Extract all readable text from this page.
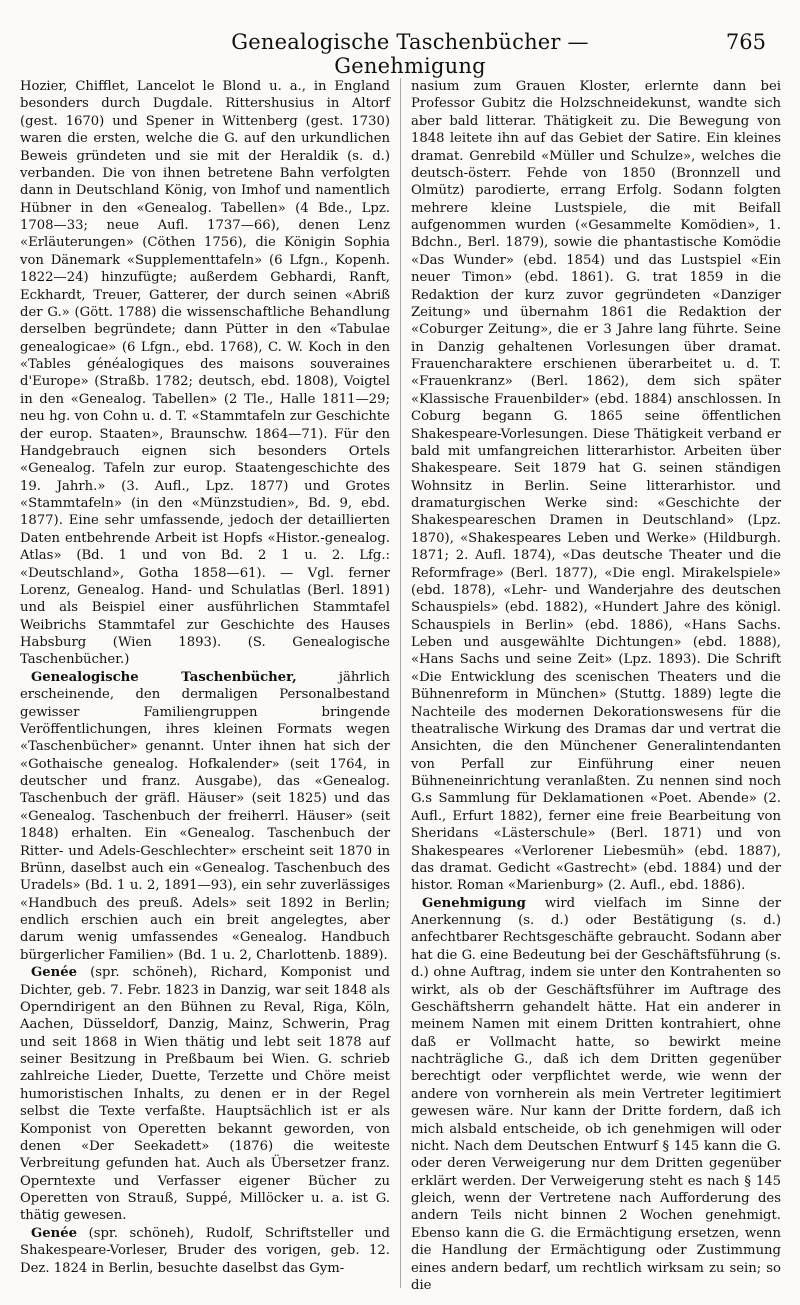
Genealogische Taschenbücher — Genehmigung
765

Hozier, Chifflet, Lancelot le Blond u. a., in England besonders durch Dugdale. Rittershusius in Altorf (gest. 1670) und Spener in Wittenberg (gest. 1730) waren die ersten, welche die G. auf den urkundlichen Beweis gründeten und sie mit der Heraldik (s. d.) verbanden. Die von ihnen betretene Bahn verfolgten dann in Deutschland König, von Imhof und namentlich Hübner in den «Genealog. Tabellen» (4 Bde., Lpz. 1708—33; neue Aufl. 1737—66), denen Lenz «Erläuterungen» (Cöthen 1756), die Königin Sophia von Dänemark «Supplementtafeln» (6 Lfgn., Kopenh. 1822—24) hinzufügte; außerdem Gebhardi, Ranft, Eckhardt, Treuer, Gatterer, der durch seinen «Abriß der G.» (Gött. 1788) die wissenschaftliche Behandlung derselben begründete; dann Pütter in den «Tabulae genealogicae» (6 Lfgn., ebd. 1768), C. W. Koch in den «Tables généalogiques des maisons souveraines d'Europe» (Straßb. 1782; deutsch, ebd. 1808), Voigtel in den «Genealog. Tabellen» (2 Tle., Halle 1811—29; neu hg. von Cohn u. d. T. «Stammtafeln zur Geschichte der europ. Staaten», Braunschw. 1864—71). Für den Handgebrauch eignen sich besonders Ortels «Genealog. Tafeln zur europ. Staatengeschichte des 19. Jahrh.» (3. Aufl., Lpz. 1877) und Grotes «Stammtafeln» (in den «Münzstudien», Bd. 9, ebd. 1877). Eine sehr umfassende, jedoch der detaillierten Daten entbehrende Arbeit ist Hopfs «Histor.-genealog. Atlas» (Bd. 1 und von Bd. 2 1 u. 2. Lfg.: «Deutschland», Gotha 1858—61). — Vgl. ferner Lorenz, Genealog. Hand- und Schulatlas (Berl. 1891) und als Beispiel einer ausführlichen Stammtafel Weibrichs Stammtafel zur Geschichte des Hauses Habsburg (Wien 1893). (S. Genealogische Taschenbücher.)

Genealogische Taschenbücher, jährlich erscheinende, den dermaligen Personalbestand gewisser Familiengruppen bringende Veröffentlichungen, ihres kleinen Formats wegen «Taschenbücher» genannt. Unter ihnen hat sich der «Gothaische genealog. Hofkalender» (seit 1764, in deutscher und franz. Ausgabe), das «Genealog. Taschenbuch der gräfl. Häuser» (seit 1825) und das «Genealog. Taschenbuch der freiherrl. Häuser» (seit 1848) erhalten. Ein «Genealog. Taschenbuch der Ritter- und Adels-Geschlechter» erscheint seit 1870 in Brünn, daselbst auch ein «Genealog. Taschenbuch des Uradels» (Bd. 1 u. 2, 1891—93), ein sehr zuverlässiges «Handbuch des preuß. Adels» seit 1892 in Berlin; endlich erschien auch ein breit angelegtes, aber darum wenig umfassendes «Genealog. Handbuch bürgerlicher Familien» (Bd. 1 u. 2, Charlottenb. 1889).

Genée (spr. schöneh), Richard, Komponist und Dichter, geb. 7. Febr. 1823 in Danzig, war seit 1848 als Operndirigent an den Bühnen zu Reval, Riga, Köln, Aachen, Düsseldorf, Danzig, Mainz, Schwerin, Prag und seit 1868 in Wien thätig und lebt seit 1878 auf seiner Besitzung in Preßbaum bei Wien. G. schrieb zahlreiche Lieder, Duette, Terzette und Chöre meist humoristischen Inhalts, zu denen er in der Regel selbst die Texte verfaßte. Hauptsächlich ist er als Komponist von Operetten bekannt geworden, von denen «Der Seekadett» (1876) die weiteste Verbreitung gefunden hat. Auch als Übersetzer franz. Operntexte und Verfasser eigener Bücher zu Operetten von Strauß, Suppé, Millöcker u. a. ist G. thätig gewesen.

Genée (spr. schöneh), Rudolf, Schriftsteller und Shakespeare-Vorleser, Bruder des vorigen, geb. 12. Dez. 1824 in Berlin, besuchte daselbst das Gym-

nasium zum Grauen Kloster, erlernte dann bei Professor Gubitz die Holzschneidekunst, wandte sich aber bald litterar. Thätigkeit zu. Die Bewegung von 1848 leitete ihn auf das Gebiet der Satire. Ein kleines dramat. Genrebild «Müller und Schulze», welches die deutsch-österr. Fehde von 1850 (Bronnzell und Olmütz) parodierte, errang Erfolg. Sodann folgten mehrere kleine Lustspiele, die mit Beifall aufgenommen wurden («Gesammelte Komödien», 1. Bdchn., Berl. 1879), sowie die phantastische Komödie «Das Wunder» (ebd. 1854) und das Lustspiel «Ein neuer Timon» (ebd. 1861). G. trat 1859 in die Redaktion der kurz zuvor gegründeten «Danziger Zeitung» und übernahm 1861 die Redaktion der «Coburger Zeitung», die er 3 Jahre lang führte. Seine in Danzig gehaltenen Vorlesungen über dramat. Frauencharaktere erschienen überarbeitet u. d. T. «Frauenkranz» (Berl. 1862), dem sich später «Klassische Frauenbilder» (ebd. 1884) anschlossen. In Coburg begann G. 1865 seine öffentlichen Shakespeare-Vorlesungen. Diese Thätigkeit verband er bald mit umfangreichen litterarhistor. Arbeiten über Shakespeare. Seit 1879 hat G. seinen ständigen Wohnsitz in Berlin. Seine litterarhistor. und dramaturgischen Werke sind: «Geschichte der Shakespeareschen Dramen in Deutschland» (Lpz. 1870), «Shakespeares Leben und Werke» (Hildburgh. 1871; 2. Aufl. 1874), «Das deutsche Theater und die Reformfrage» (Berl. 1877), «Die engl. Mirakelspiele» (ebd. 1878), «Lehr- und Wanderjahre des deutschen Schauspiels» (ebd. 1882), «Hundert Jahre des königl. Schauspiels in Berlin» (ebd. 1886), «Hans Sachs. Leben und ausgewählte Dichtungen» (ebd. 1888), «Hans Sachs und seine Zeit» (Lpz. 1893). Die Schrift «Die Entwicklung des scenischen Theaters und die Bühnenreform in München» (Stuttg. 1889) legte die Nachteile des modernen Dekorationswesens für die theatralische Wirkung des Dramas dar und vertrat die Ansichten, die den Münchener Generalintendanten von Perfall zur Einführung einer neuen Bühneneinrichtung veranlaßten. Zu nennen sind noch G.s Sammlung für Deklamationen «Poet. Abende» (2. Aufl., Erfurt 1882), ferner eine freie Bearbeitung von Sheridans «Lästerschule» (Berl. 1871) und von Shakespeares «Verlorener Liebesmüh» (ebd. 1887), das dramat. Gedicht «Gastrecht» (ebd. 1884) und der histor. Roman «Marienburg» (2. Aufl., ebd. 1886).

Genehmigung wird vielfach im Sinne der Anerkennung (s. d.) oder Bestätigung (s. d.) anfechtbarer Rechtsgeschäfte gebraucht. Sodann aber hat die G. eine Bedeutung bei der Geschäftsführung (s. d.) ohne Auftrag, indem sie unter den Kontrahenten so wirkt, als ob der Geschäftsführer im Auftrage des Geschäftsherrn gehandelt hätte. Hat ein anderer in meinem Namen mit einem Dritten kontrahiert, ohne daß er Vollmacht hatte, so bewirkt meine nachträgliche G., daß ich dem Dritten gegenüber berechtigt oder verpflichtet werde, wie wenn der andere von vornherein als mein Vertreter legitimiert gewesen wäre. Nur kann der Dritte fordern, daß ich mich alsbald entscheide, ob ich genehmigen will oder nicht. Nach dem Deutschen Entwurf § 145 kann die G. oder deren Verweigerung nur dem Dritten gegenüber erklärt werden. Der Verweigerung steht es nach § 145 gleich, wenn der Vertretene nach Aufforderung des andern Teils nicht binnen 2 Wochen genehmigt. Ebenso kann die G. die Ermächtigung ersetzen, wenn die Handlung der Ermächtigung oder Zustimmung eines andern bedarf, um rechtlich wirksam zu sein; so die
